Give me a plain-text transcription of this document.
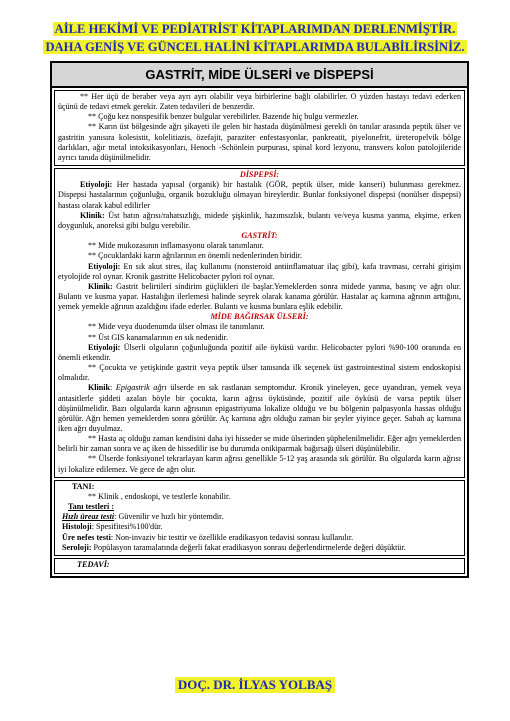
AİLE HEKİMİ VE PEDİATRİST KİTAPLARIMDAN DERLENMİŞTİR.
DAHA GENİŞ VE GÜNCEL HALİNİ KİTAPLARIMDA BULABİLİRSİNİZ.
GASTRİT, MİDE ÜLSERİ ve DİSPEPSİ

** Her üçü de beraber veya ayrı ayrı olabilir veya birbirlerine bağlı olabilirler. O yüzden hastayı tedavi ederken üçünü de tedavi etmek gerekir. Zaten tedavileri de benzerdir.

** Çoğu kez nonspesifik benzer bulgular verebilirler. Bazende hiç bulgu vermezler.

** Karın üst bölgesinde ağrı şikayeti ile gelen bir hastada düşünülmesi gerekli ön tanılar arasında peptik ülser ve gastritin yanısıra kolesistit, kolelitiazis, özefajit, paraziter enfestasyonlar, pankreatit, piyelonefrit, üreteropelvik bölge darlıkları, ağır metal intoksikasyonları, Henoch -Schönlein purpurası, spinal kord lezyonu, transvers kolon patolojileride ayrıcı tanıda düşünülmelidir.

DİSPEPSİ:

Etiyoloji: Her hastada yapısal (organik) bir hastalık (GÖR, peptik ülser, mide kanseri) bulunması gerekmez. Dispepsi hastalarının çoğunluğu, organik bozukluğu olmayan bireylerdir. Bunlar fonksiyonel dispepsi (nonülser dispepsi) hastası olarak kabul edilirler

Klinik: Üst batın ağrısı/rahatsızlığı, midede şişkinlik, hazımsızlık, bulantı ve/veya kusma yanma, ekşime, erken doygunluk, anoreksi gibi bulgu verebilir.

GASTRİT:

** Mide mukozasının inflamasyonu olarak tanımlanır.

** Çocuklardaki karın ağrılarının en önemli nedenlerinden biridir.

Etiyoloji: En sık akut stres, ilaç kullanımı (nonsteroid antiinflamatuar ilaç gibi), kafa travması, cerrahi girişim etyolojide rol oynar. Kronik gastritte Helicobacter pylori rol oynar.

Klinik: Gastrit belirtileri sindirim güçlükleri ile başlar.Yemeklerden sonra midede yanma, basınç ve ağrı olur. Bulantı ve kusma yapar. Hastalığın ilerlemesi halinde seyrek olarak kanama görülür. Hastalar aç karnına ağrının arttığını, yemek yemekle ağrının azaldığını ifade ederler. Bulantı ve kusma bunlara eşlik edebilir.

MİDE BAĞIRSAK ÜLSERİ:

** Mide veya duodenumda ülser olması ile tanımlanır.

** Üst GIS kanamalarının en sık nedenidir.

Etiyoloji: Ülserli olguların çoğunluğunda pozitif aile öyküsü vardır. Helicobacter pylori %90-100 oranında en önemli etkendir.

** Çocukta ve yetişkinde gastrit veya peptik ülser tanısında ilk seçenek üst gastrointestinal sistem endoskopisi olmalıdır.

Klinik: Epigastrik ağrı ülserde en sık rastlanan semptomdur. Kronik yineleyen, gece uyandıran, yemek veya antasitlerle şiddeti azalan böyle bir çocukta, karın ağrısı öyküsünde, pozitif aile öyküsü de varsa peptik ülser düşünülmelidir. Bazı olgularda karın ağrısının epigastriyuma lokalize olduğu ve bu bölgenin palpasyonla hassas olduğu görülür. Ağrı hemen yemeklerden sonra görülür. Aç karnına ağrı olduğu zaman bir şeyler yiyince geçer. Sabah aç karnına iken ağrı duyulmaz.

** Hasta aç olduğu zaman kendisini daha iyi hisseder se mide ülserinden şüphelenilmelidir. Eğer ağrı yemeklerden belirli bir zaman sonra ve aç iken de hissedilir ise bu durumda onikiparmak bağırsağı ülseri düşünülebilir.

** Ülserde fonksiyonel tekrarlayan karın ağrısı genellikle 5-12 yaş arasında sık görülür. Bu olgularda karın ağrısı iyi lokalize edilemez. Ve gece de ağrı olur.

TANI:

** Klinik , endoskopi, ve testlerle konabilir.

Tanı testleri :

Hızlı üreaz testi: Güvenilir ve hızlı bir yöntemdir.

Histoloji: Spesifitesi%100'dür.

Üre nefes testi: Non-invaziv bir testtir ve özellikle eradikasyon tedavisi sonrası kullanılır.

Seroloji: Popülasyon taramalarında değerli fakat eradikasyon sonrası değerlendirmelerde değeri düşüktür.

TEDAVİ:
DOÇ. DR. İLYAS YOLBAŞ
